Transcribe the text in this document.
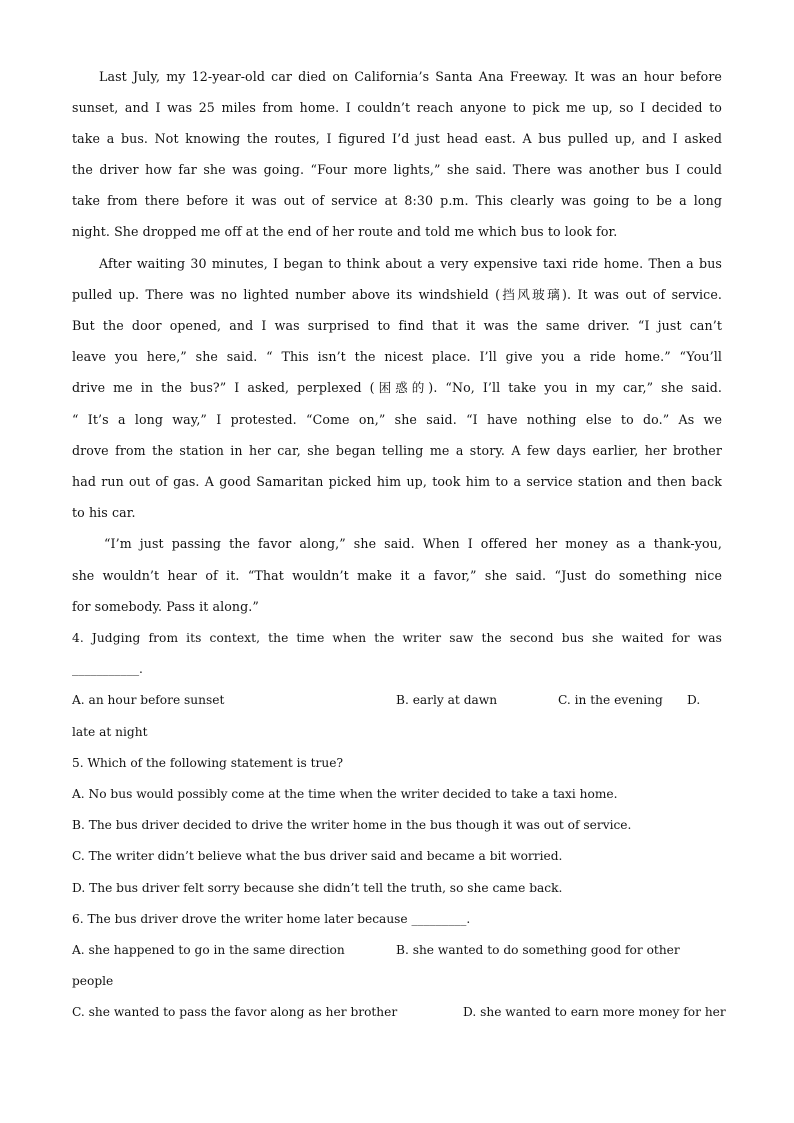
Last July, my 12-year-old car died on California’s Santa Ana Freeway. It was an hour before
sunset, and I was 25 miles from home. I couldn’t reach anyone to pick me up, so I decided to
take a bus. Not knowing the routes, I figured I’d just head east. A bus pulled up, and I asked
the driver how far she was going. “Four more lights,” she said. There was another bus I could
take from there before it was out of service at 8:30 p.m. This clearly was going to be a long
night. She dropped me off at the end of her route and told me which bus to look for.
After waiting 30 minutes, I began to think about a very expensive taxi ride home. Then a bus
pulled up. There was no lighted number above its windshield (挡风玻璃). It was out of service.
But the door opened, and I was surprised to find that it was the same driver. “I just can’t
leave you here,” she said. “ This isn’t the nicest place. I’ll give you a ride home.” “You’ll
drive me in the bus?” I asked, perplexed (困惑的). “No, I’ll take you in my car,” she said.
“ It’s a long way,” I protested. “Come on,” she said. “I have nothing else to do.” As we
drove from the station in her car, she began telling me a story. A few days earlier, her brother
had run out of gas. A good Samaritan picked him up, took him to a service station and then back
to his car.
“I’m just passing the favor along,” she said. When I offered her money as a thank-you,
she wouldn’t hear of it. “That wouldn’t make it a favor,” she said. “Just do something nice
for somebody. Pass it along.”
4. Judging from its context, the time when the writer saw the second bus she waited for was
___________.
A. an hour before sunset	B. early at dawn	C. in the evening D.
late at night
5. Which of the following statement is true?
A. No bus would possibly come at the time when the writer decided to take a taxi home.
B. The bus driver decided to drive the writer home in the bus though it was out of service.
C. The writer didn’t believe what the bus driver said and became a bit worried.
D. The bus driver felt sorry because she didn’t tell the truth, so she came back.
6. The bus driver drove the writer home later because _________.
A. she happened to go in the same direction	B. she wanted to do something good for other
people
C. she wanted to pass the favor along as her brother	D. she wanted to earn more money for her
